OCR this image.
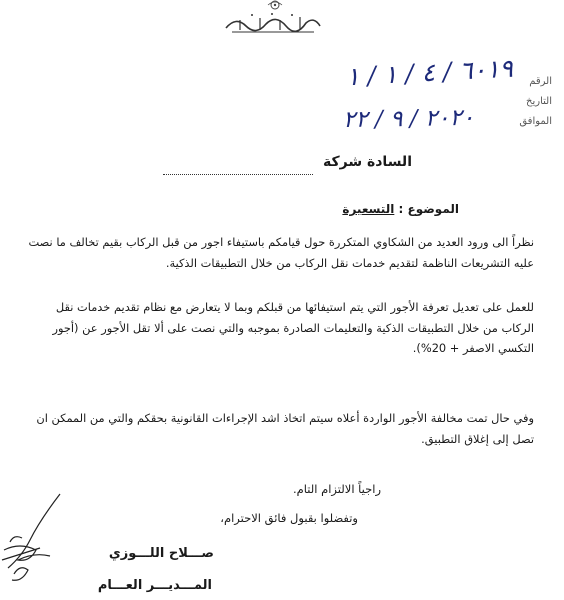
الرقم
التاريخ
الموافق
٦٠١٩ / ٤ / ١ / ١
٢٠٢٠ / ٩ / ٢٢
السادة شركة
الموضوع : التسعيرة
نظراً الى ورود العديد من الشكاوي المتكررة حول قيامكم باستيفاء اجور من قبل الركاب بقيم تخالف ما نصت عليه التشريعات الناظمة لتقديم خدمات نقل الركاب من خلال التطبيقات الذكية.
للعمل على تعديل تعرفة الأجور التي يتم استيفائها من قبلكم وبما لا يتعارض مع نظام تقديم خدمات نقل الركاب من خلال التطبيقات الذكية والتعليمات الصادرة بموجبه والتي نصت على ألا تقل الأجور عن (أجور التكسي الاصفر + 20%).
وفي حال تمت مخالفة الأجور الواردة أعلاه سيتم اتخاذ اشد الإجراءات القانونية بحقكم والتي من الممكن ان تصل إلى إغلاق التطبيق.
راجياً الالتزام التام.
وتفضلوا بقبول فائق الاحترام،
صـــلاح اللـــوزي
المـــديـــر العـــام
